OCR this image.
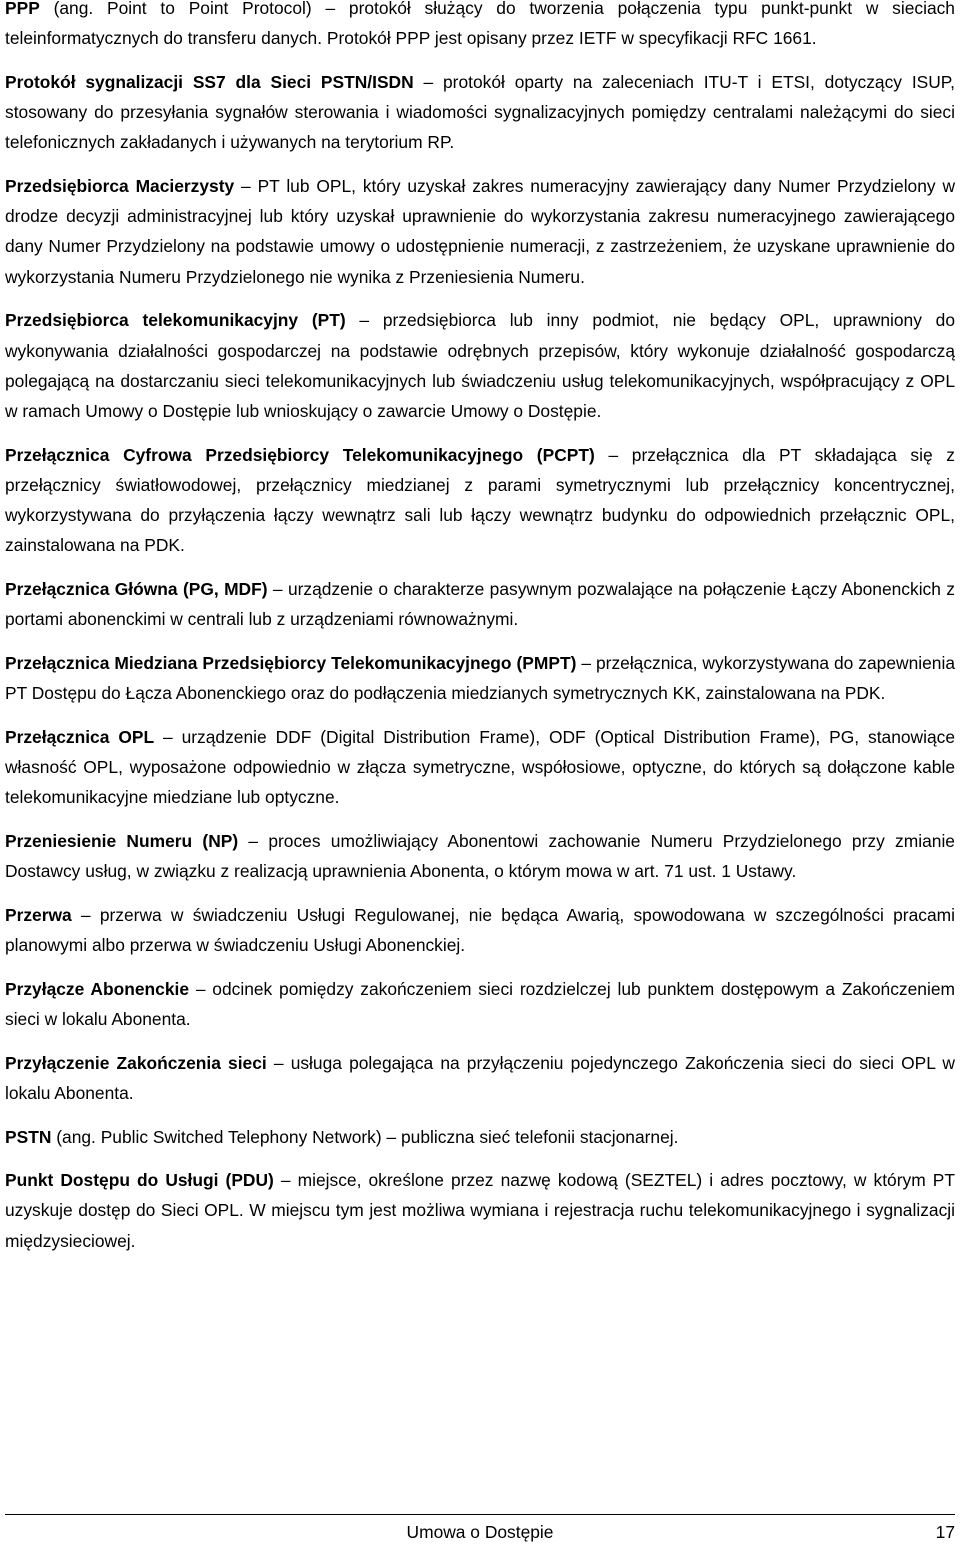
PPP (ang. Point to Point Protocol) – protokół służący do tworzenia połączenia typu punkt-punkt w sieciach teleinformatycznych do transferu danych. Protokół PPP jest opisany przez IETF w specyfikacji RFC 1661.

Protokół sygnalizacji SS7 dla Sieci PSTN/ISDN – protokół oparty na zaleceniach ITU-T i ETSI, dotyczący ISUP, stosowany do przesyłania sygnałów sterowania i wiadomości sygnalizacyjnych pomiędzy centralami należącymi do sieci telefonicznych zakładanych i używanych na terytorium RP.

Przedsiębiorca Macierzysty – PT lub OPL, który uzyskał zakres numeracyjny zawierający dany Numer Przydzielony w drodze decyzji administracyjnej lub który uzyskał uprawnienie do wykorzystania zakresu numeracyjnego zawierającego dany Numer Przydzielony na podstawie umowy o udostępnienie numeracji, z zastrzeżeniem, że uzyskane uprawnienie do wykorzystania Numeru Przydzielonego nie wynika z Przeniesienia Numeru.

Przedsiębiorca telekomunikacyjny (PT) – przedsiębiorca lub inny podmiot, nie będący OPL, uprawniony do wykonywania działalności gospodarczej na podstawie odrębnych przepisów, który wykonuje działalność gospodarczą polegającą na dostarczaniu sieci telekomunikacyjnych lub świadczeniu usług telekomunikacyjnych, współpracujący z OPL w ramach Umowy o Dostępie lub wnioskujący o zawarcie Umowy o Dostępie.

Przełącznica Cyfrowa Przedsiębiorcy Telekomunikacyjnego (PCPT) – przełącznica dla PT składająca się z przełącznicy światłowodowej, przełącznicy miedzianej z parami symetrycznymi lub przełącznicy koncentrycznej, wykorzystywana do przyłączenia łączy wewnątrz sali lub łączy wewnątrz budynku do odpowiednich przełącznic OPL, zainstalowana na PDK.

Przełącznica Główna (PG, MDF) – urządzenie o charakterze pasywnym pozwalające na połączenie Łączy Abonenckich z portami abonenckimi w centrali lub z urządzeniami równoważnymi.

Przełącznica Miedziana Przedsiębiorcy Telekomunikacyjnego (PMPT) – przełącznica, wykorzystywana do zapewnienia PT Dostępu do Łącza Abonenckiego oraz do podłączenia miedzianych symetrycznych KK, zainstalowana na PDK.

Przełącznica OPL – urządzenie DDF (Digital Distribution Frame), ODF (Optical Distribution Frame), PG, stanowiące własność OPL, wyposażone odpowiednio w złącza symetryczne, współosiowe, optyczne, do których są dołączone kable telekomunikacyjne miedziane lub optyczne.

Przeniesienie Numeru (NP) – proces umożliwiający Abonentowi zachowanie Numeru Przydzielonego przy zmianie Dostawcy usług, w związku z realizacją uprawnienia Abonenta, o którym mowa w art. 71 ust. 1 Ustawy.

Przerwa – przerwa w świadczeniu Usługi Regulowanej, nie będąca Awarią, spowodowana w szczególności pracami planowymi albo przerwa w świadczeniu Usługi Abonenckiej.

Przyłącze Abonenckie – odcinek pomiędzy zakończeniem sieci rozdzielczej lub punktem dostępowym a Zakończeniem sieci w lokalu Abonenta.

Przyłączenie Zakończenia sieci – usługa polegająca na przyłączeniu pojedynczego Zakończenia sieci do sieci OPL w lokalu Abonenta.

PSTN (ang. Public Switched Telephony Network) – publiczna sieć telefonii stacjonarnej.

Punkt Dostępu do Usługi (PDU) – miejsce, określone przez nazwę kodową (SEZTEL) i adres pocztowy, w którym PT uzyskuje dostęp do Sieci OPL. W miejscu tym jest możliwa wymiana i rejestracja ruchu telekomunikacyjnego i sygnalizacji międzysieciowej.

Umowa o Dostępie	17
